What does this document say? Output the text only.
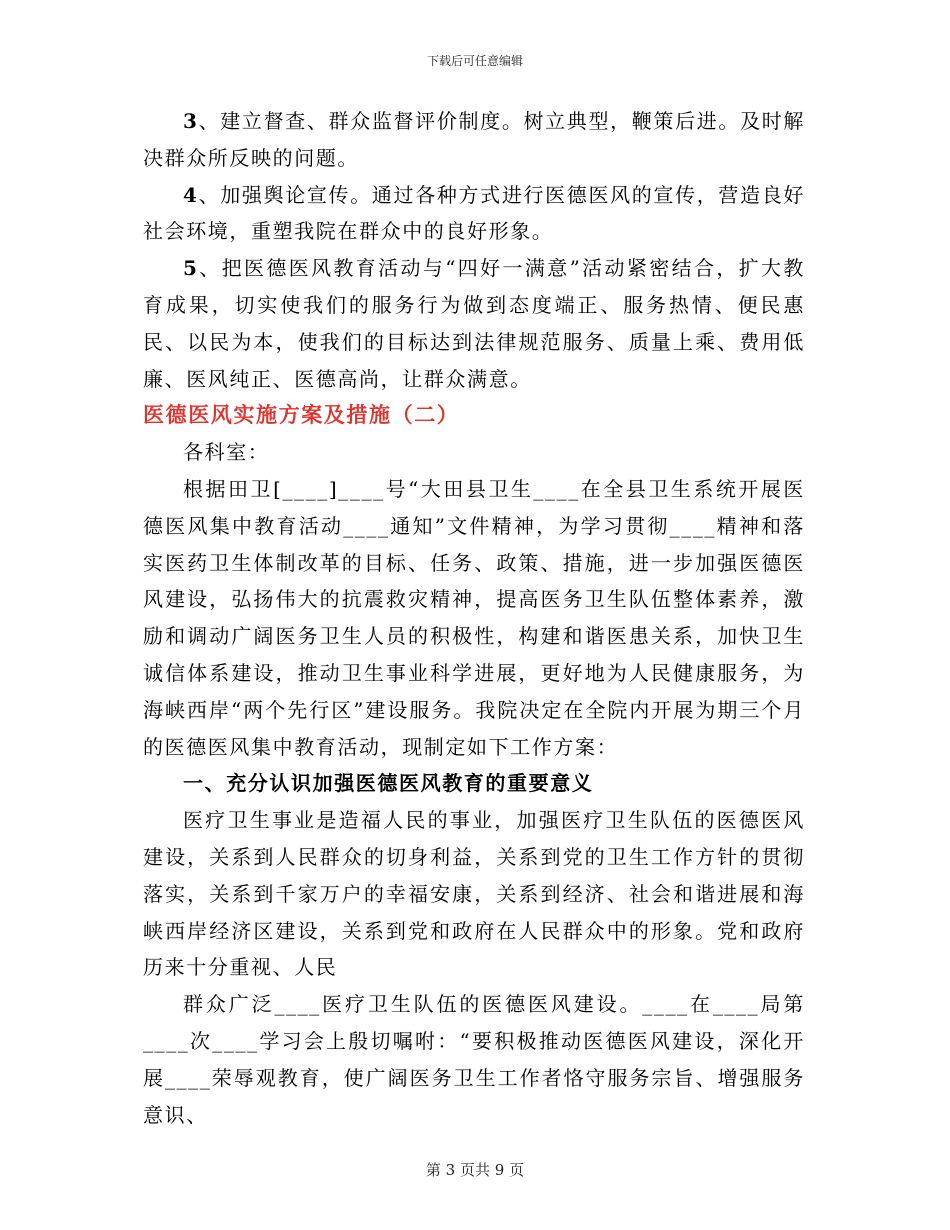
下载后可任意编辑

3、建立督查、群众监督评价制度。树立典型，鞭策后进。及时解决群众所反映的问题。

4、加强舆论宣传。通过各种方式进行医德医风的宣传，营造良好社会环境，重塑我院在群众中的良好形象。

5、把医德医风教育活动与“四好一满意”活动紧密结合，扩大教育成果，切实使我们的服务行为做到态度端正、服务热情、便民惠民、以民为本，使我们的目标达到法律规范服务、质量上乘、费用低廉、医风纯正、医德高尚，让群众满意。

医德医风实施方案及措施（二）

各科室：

根据田卫[____]____号“大田县卫生____在全县卫生系统开展医德医风集中教育活动____通知”文件精神，为学习贯彻____精神和落实医药卫生体制改革的目标、任务、政策、措施，进一步加强医德医风建设，弘扬伟大的抗震救灾精神，提高医务卫生队伍整体素养，激励和调动广阔医务卫生人员的积极性，构建和谐医患关系，加快卫生诚信体系建设，推动卫生事业科学进展，更好地为人民健康服务，为海峡西岸“两个先行区”建设服务。我院决定在全院内开展为期三个月的医德医风集中教育活动，现制定如下工作方案：

一、充分认识加强医德医风教育的重要意义

医疗卫生事业是造福人民的事业，加强医疗卫生队伍的医德医风建设，关系到人民群众的切身利益，关系到党的卫生工作方针的贯彻落实，关系到千家万户的幸福安康，关系到经济、社会和谐进展和海峡西岸经济区建设，关系到党和政府在人民群众中的形象。党和政府历来十分重视、人民

群众广泛____医疗卫生队伍的医德医风建设。____在____局第____次____学习会上殷切嘱咐：“要积极推动医德医风建设，深化开展____荣辱观教育，使广阔医务卫生工作者恪守服务宗旨、增强服务意识、

第 3 页共 9 页
